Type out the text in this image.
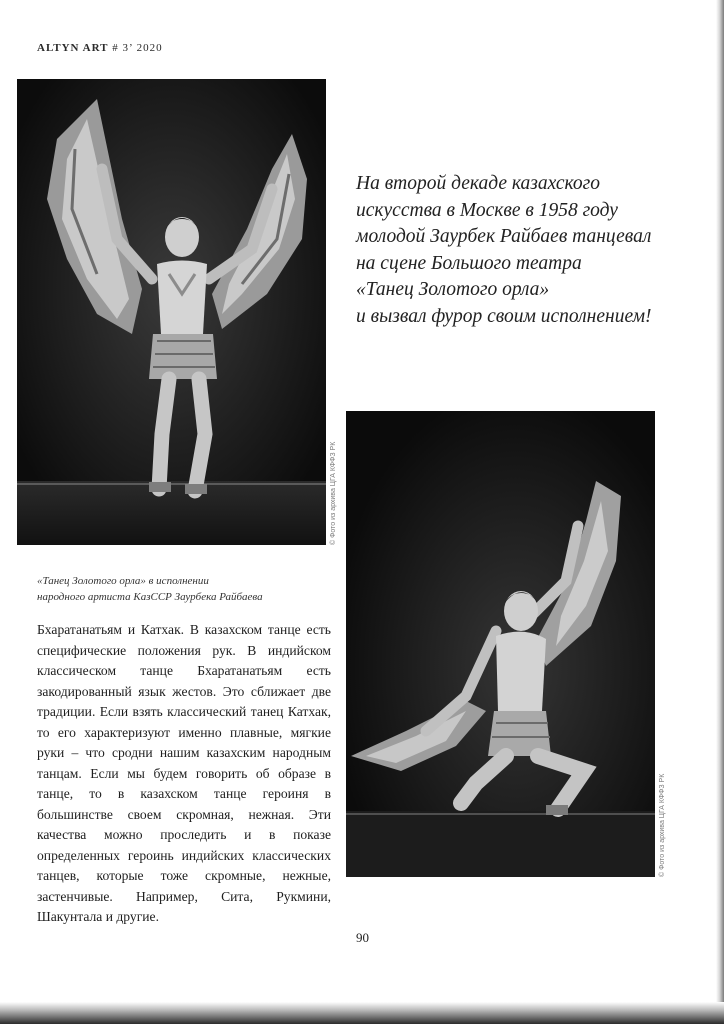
ALTYN ART # 3’ 2020
© Фото из архива ЦГА КФФЗ РК
На второй декаде казахского
искусства в Москве в 1958 году
молодой Заурбек Райбаев танцевал
на сцене Большого театра
«Танец Золотого орла»
и вызвал фурор своим исполнением!
© Фото из архива ЦГА КФФЗ РК
«Танец Золотого орла» в исполнении
народного артиста КазССР Заурбека Райбаева
Бхаратанатьям и Катхак. В казахском танце есть специфические положения рук. В индийском классическом танце Бхаратанатьям есть закодированный язык жестов. Это сближает две традиции. Если взять классический танец Катхак, то его характеризуют именно плавные, мягкие руки – что сродни нашим казахским народным танцам. Если мы будем говорить об образе в танце, то в казахском танце героиня в большинстве своем скромная, нежная. Эти качества можно проследить и в показе определенных героинь индийских классических танцев, которые тоже скромные, нежные, застенчивые. Например, Сита, Рукмини, Шакунтала и другие.
90
